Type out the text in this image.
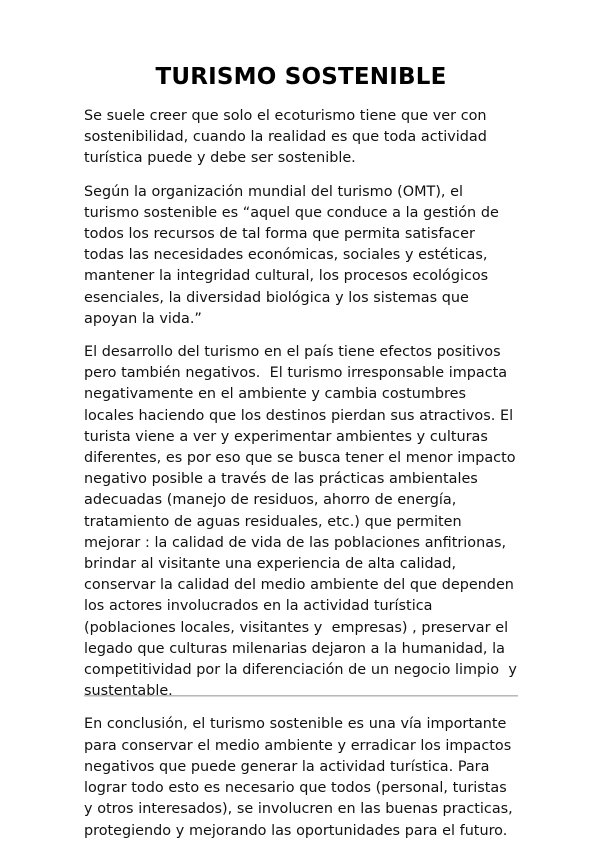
TURISMO SOSTENIBLE

Se suele creer que solo el ecoturismo tiene que ver con sostenibilidad, cuando la realidad es que toda actividad turística puede y debe ser sostenible.

Según la organización mundial del turismo (OMT), el turismo sostenible es “aquel que conduce a la gestión de todos los recursos de tal forma que permita satisfacer todas las necesidades económicas, sociales y estéticas, mantener la integridad cultural, los procesos ecológicos esenciales, la diversidad biológica y los sistemas que apoyan la vida.”

El desarrollo del turismo en el país tiene efectos positivos pero también negativos.  El turismo irresponsable impacta negativamente en el ambiente y cambia costumbres locales haciendo que los destinos pierdan sus atractivos. El turista viene a ver y experimentar ambientes y culturas diferentes, es por eso que se busca tener el menor impacto negativo posible a través de las prácticas ambientales adecuadas (manejo de residuos, ahorro de energía, tratamiento de aguas residuales, etc.) que permiten mejorar : la calidad de vida de las poblaciones anfitrionas, brindar al visitante una experiencia de alta calidad, conservar la calidad del medio ambiente del que dependen los actores involucrados en la actividad turística (poblaciones locales, visitantes y  empresas) , preservar el legado que culturas milenarias dejaron a la humanidad, la competitividad por la diferenciación de un negocio limpio  y sustentable.

En conclusión, el turismo sostenible es una vía importante para conservar el medio ambiente y erradicar los impactos negativos que puede generar la actividad turística. Para lograr todo esto es necesario que todos (personal, turistas y otros interesados), se involucren en las buenas practicas, protegiendo y mejorando las oportunidades para el futuro.
